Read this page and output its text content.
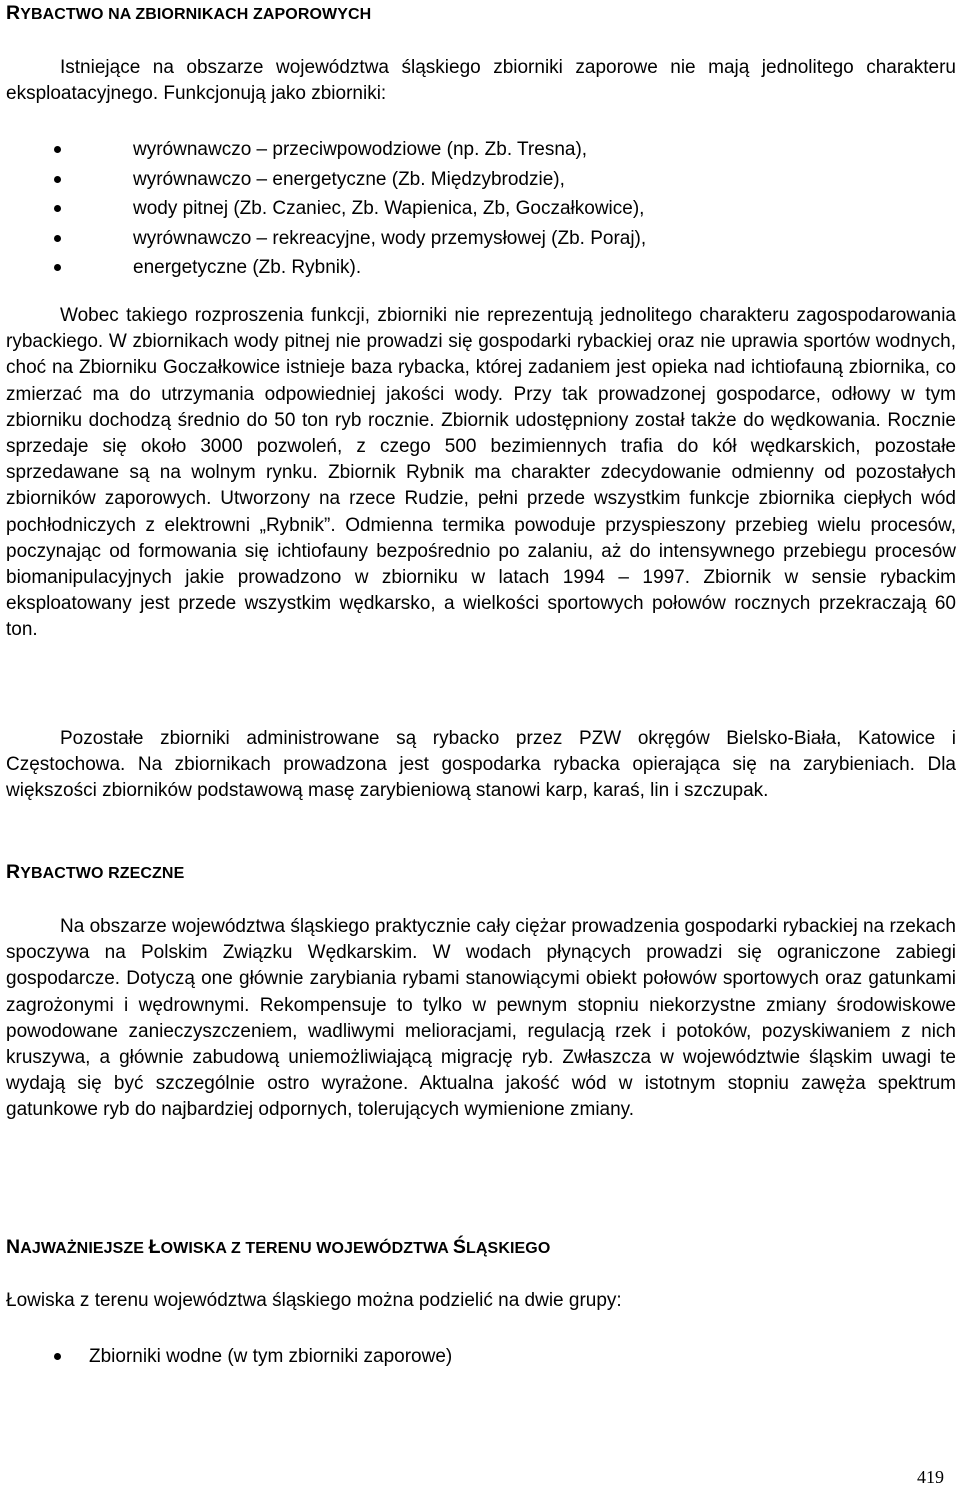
RYBACTWO NA ZBIORNIKACH ZAPOROWYCH

Istniejące na obszarze województwa śląskiego zbiorniki zaporowe nie mają jednolitego charakteru eksploatacyjnego. Funkcjonują jako zbiorniki:

wyrównawczo – przeciwpowodziowe (np. Zb. Tresna),
wyrównawczo – energetyczne (Zb. Międzybrodzie),
wody pitnej (Zb. Czaniec, Zb. Wapienica, Zb, Goczałkowice),
wyrównawczo – rekreacyjne, wody przemysłowej (Zb. Poraj),
energetyczne (Zb. Rybnik).

Wobec takiego rozproszenia funkcji, zbiorniki nie reprezentują jednolitego charakteru zagospodarowania rybackiego. W zbiornikach wody pitnej nie prowadzi się gospodarki rybackiej oraz nie uprawia sportów wodnych, choć na Zbiorniku Goczałkowice istnieje baza rybacka, której zadaniem jest opieka nad ichtiofauną zbiornika, co zmierzać ma do utrzymania odpowiedniej jakości wody. Przy tak prowadzonej gospodarce, odłowy w tym zbiorniku dochodzą średnio do 50 ton ryb rocznie. Zbiornik udostępniony został także do wędkowania. Rocznie sprzedaje się około 3000 pozwoleń, z czego 500 bezimiennych trafia do kół wędkarskich, pozostałe sprzedawane są na wolnym rynku. Zbiornik Rybnik ma charakter zdecydowanie odmienny od pozostałych zbiorników zaporowych. Utworzony na rzece Rudzie, pełni przede wszystkim funkcje zbiornika ciepłych wód pochłodniczych z elektrowni „Rybnik”. Odmienna termika powoduje przyspieszony przebieg wielu procesów, poczynając od formowania się ichtiofauny bezpośrednio po zalaniu, aż do intensywnego przebiegu procesów biomanipulacyjnych jakie prowadzono w zbiorniku w latach 1994 – 1997. Zbiornik w sensie rybackim eksploatowany jest przede wszystkim wędkarsko, a wielkości sportowych połowów rocznych przekraczają 60 ton.

Pozostałe zbiorniki administrowane są rybacko przez PZW okręgów Bielsko-Biała, Katowice i Częstochowa. Na zbiornikach prowadzona jest gospodarka rybacka opierająca się na zarybieniach. Dla większości zbiorników podstawową masę zarybieniową stanowi karp, karaś, lin i szczupak.

RYBACTWO RZECZNE

Na obszarze województwa śląskiego praktycznie cały ciężar prowadzenia gospodarki rybackiej na rzekach spoczywa na Polskim Związku Wędkarskim. W wodach płynących prowadzi się ograniczone zabiegi gospodarcze. Dotyczą one głównie zarybiania rybami stanowiącymi obiekt połowów sportowych oraz gatunkami zagrożonymi i wędrownymi. Rekompensuje to tylko w pewnym stopniu niekorzystne zmiany środowiskowe powodowane zanieczyszczeniem, wadliwymi melioracjami, regulacją rzek i potoków, pozyskiwaniem z nich kruszywa, a głównie zabudową uniemożliwiającą migrację ryb. Zwłaszcza w województwie śląskim uwagi te wydają się być szczególnie ostro wyrażone. Aktualna jakość wód w istotnym stopniu zawęża spektrum gatunkowe ryb do najbardziej odpornych, tolerujących wymienione zmiany.

NAJWAŻNIEJSZE ŁOWISKA Z TERENU WOJEWÓDZTWA ŚLĄSKIEGO

Łowiska z terenu województwa śląskiego można podzielić na dwie grupy:

Zbiorniki wodne (w tym zbiorniki zaporowe)
419
